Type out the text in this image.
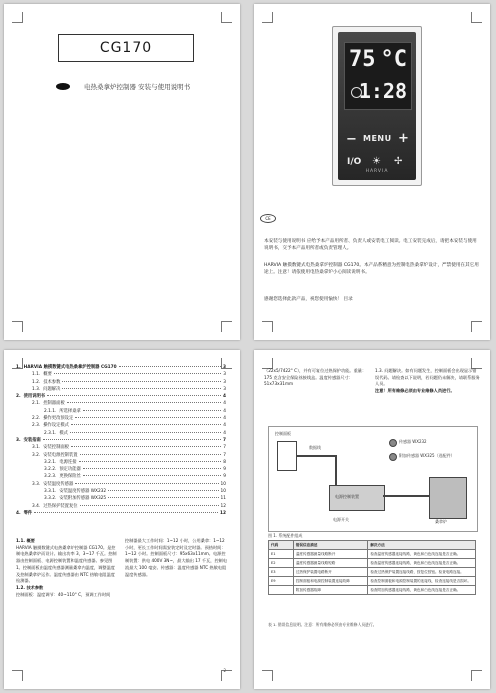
CG170
电热桑拿炉控制器 安装与使用说明书
75 °C
1:28
− MENU +
I/O ☀ ✢
HARVIA
CE
本安装与使用说明书 应给予本产品用所者、负责人或安装电工阅读。电工安装完成后，请把本安装与使用说明书，交予本产品用所者或负责管理人。
HARVIA 触摸数键式电热桑拿炉控制器 CG170。本产品系精意为控制电热桑拿炉设计，严禁使用在其它用途上。注意！请依使用电热桑拿炉小心阅读说明书。
感谢您选择此款产品，祝您使用愉快！ 目录
1. HARVIA 触摸数键式电热桑拿炉控制器 CG170	3
1.1. 概要	3
1.2. 技术参数	3
1.3. 问题解决	3
2. 使用说明书	4
2.1. 控制器面板	4
2.1.1. 所选择桑拿	4
2.2. 操作更改预设定	4
2.3. 操作设定模式	4
2.3.1. 模式	4
3. 安装指南	7
3.1. 安装控制面板	7
3.2. 安装电源控制装置	7
3.2.1. 电源连接	8
3.2.2. 预定功能器	9
3.2.3. 更换保险丝	9
3.3. 安装温度传感器	10
3.3.1. 安装温度传感器 WX232	10
3.3.2. 安装附加传感器 WX325	11
3.4. 过热保护装置复位	12
4. 零件	12
1.1. 概要
HARVIA 触摸数键式电热桑拿炉控制器 CG170。是控制电热桑拿炉而设计。输出功率 3，3~17 千瓦。控制器由控制面板、电源控制装置和温度传感器。参见图 1。控制面板由温度传感器测量桑拿内温度，调整温度及控制桑拿炉运作。温度传感器由 NTC 热敏电阻温度检测器。
1.2. 技术参数
控制面板：温度调节：40~110° C，预调工作时间
控制器最大工作时间：1~12 小时，公用桑拿：1~12 小时，更长工作时间需安装定时及定时器。预热时间：1~12 小时。控制面板尺寸：95x63x11mm。电源控制装置：供电 400V 3N~，最大输出 17 千瓦，控制电流最大 100 毫安。传感器：温度传感器 NTC 热敏电阻温度传感器。
2
（22x5/7422° C），并有可复位过热保护功能。重量：175 克含安全保险丝接线盒。温度传感器尺寸：51x73x31mm
1.3. 问题解决。如有问题发生，控制面板会出现显示错误代码。请检查以下说明，若问题仍未解决，请联系服务人员。
注意！所有维修必须由专业维修人员进行。
控制面板
数据线
电源控制装置
电源开关	桑拿炉
传感器 WX232
附加传感器 WX325（选配件）
图 1. 系统配件组成
代码	错误信息描述	解决方法
E1	温度传感器测量线路断开	检查温度传感器连接线路，黄色和白色线连接是否正确。
E2	温度传感器测量线路短路	检查温度传感器连接线路，黄色和白色线连接是否正确。
E3	过热保护装置电路断开	检查过热保护装置连接线路，按复位按钮。检查电路连接。
E9	控制面板和电源控制装置连接故障	检查控制面板和电源控制装置的连接线，检查连接线是否损坏。
	附加传感器故障	检查附加传感器连接线路，黄色和白色线连接是否正确。
表 1. 错误信息说明。注意：所有维修必须由专业维修人员进行。
